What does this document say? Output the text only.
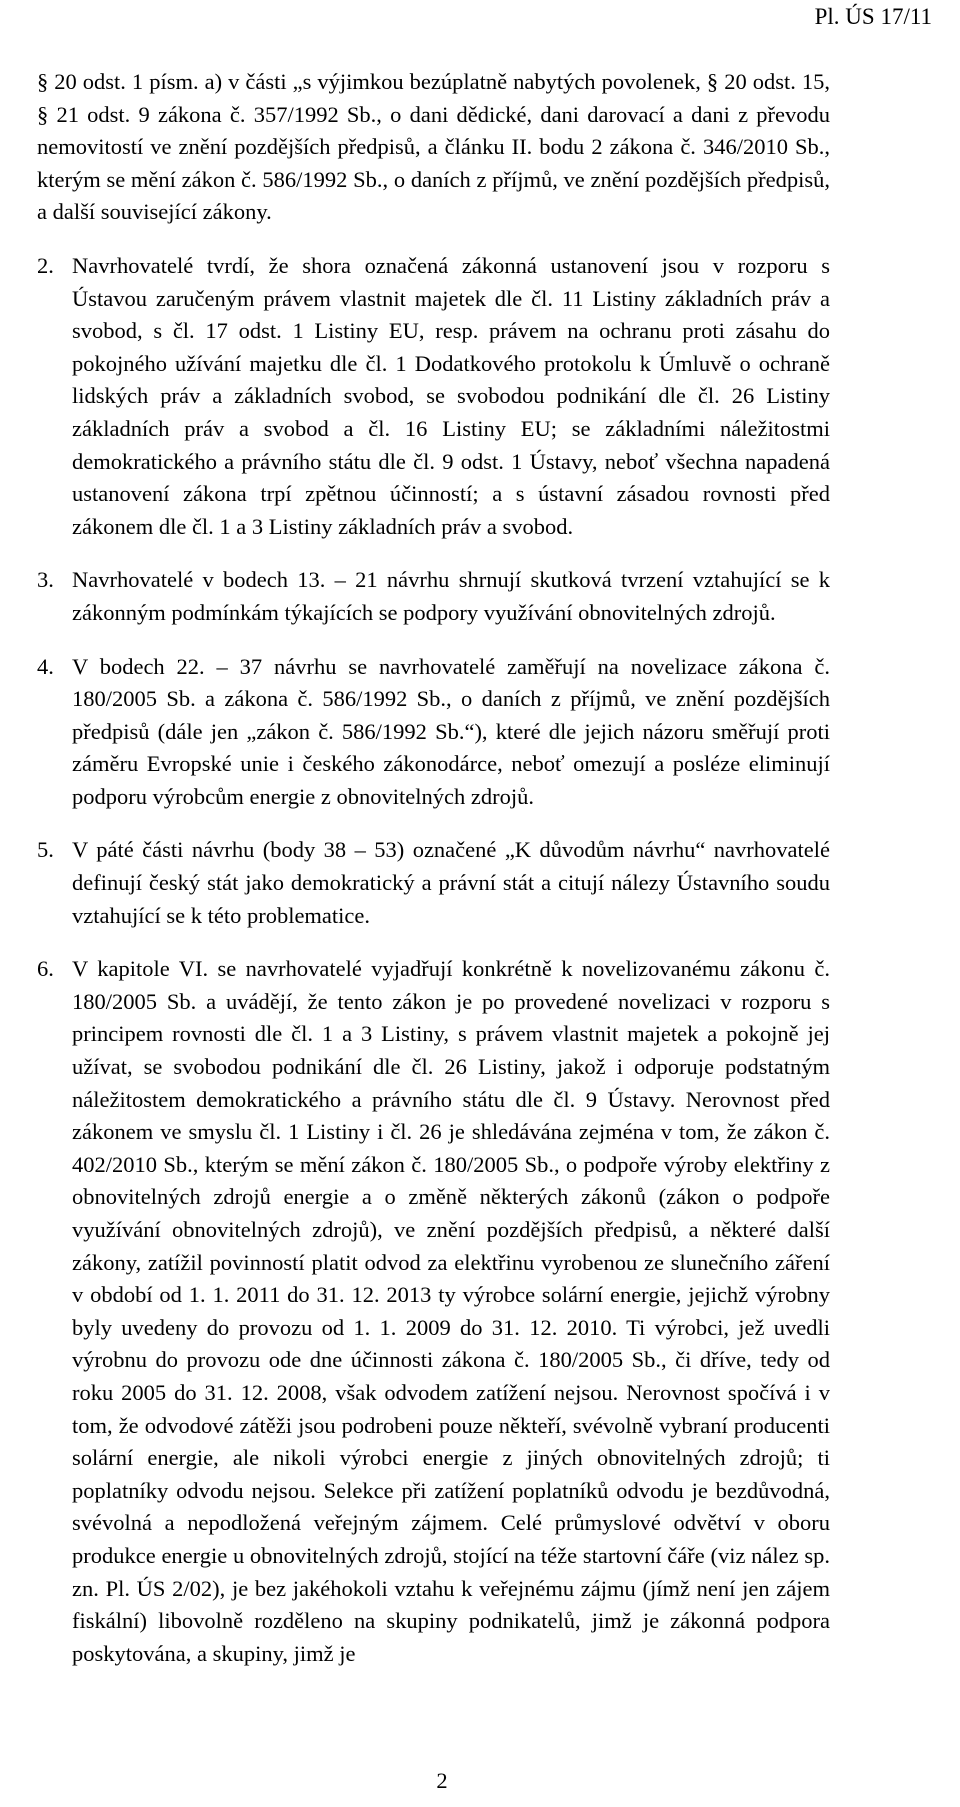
Pl. ÚS 17/11

§ 20 odst. 1 písm. a) v části „s výjimkou bezúplatně nabytých povolenek, § 20 odst. 15, § 21 odst. 9 zákona č. 357/1992 Sb., o dani dědické, dani darovací a dani z převodu nemovitostí ve znění pozdějších předpisů, a článku II. bodu 2 zákona č. 346/2010 Sb., kterým se mění zákon č. 586/1992 Sb., o daních z příjmů, ve znění pozdějších předpisů, a další související zákony.

2. Navrhovatelé tvrdí, že shora označená zákonná ustanovení jsou v rozporu s Ústavou zaručeným právem vlastnit majetek dle čl. 11 Listiny základních práv a svobod, s čl. 17 odst. 1 Listiny EU, resp. právem na ochranu proti zásahu do pokojného užívání majetku dle čl. 1 Dodatkového protokolu k Úmluvě o ochraně lidských práv a základních svobod, se svobodou podnikání dle čl. 26 Listiny základních práv a svobod a čl. 16 Listiny EU; se základními náležitostmi demokratického a právního státu dle čl. 9 odst. 1 Ústavy, neboť všechna napadená ustanovení zákona trpí zpětnou účinností; a s ústavní zásadou rovnosti před zákonem dle čl. 1 a 3 Listiny základních práv a svobod.
3. Navrhovatelé v bodech 13. – 21 návrhu shrnují skutková tvrzení vztahující se k zákonným podmínkám týkajících se podpory využívání obnovitelných zdrojů.
4. V bodech 22. – 37 návrhu se navrhovatelé zaměřují na novelizace zákona č. 180/2005 Sb. a zákona č. 586/1992 Sb., o daních z příjmů, ve znění pozdějších předpisů (dále jen „zákon č. 586/1992 Sb.“), které dle jejich názoru směřují proti záměru Evropské unie i českého zákonodárce, neboť omezují a posléze eliminují podporu výrobcům energie z obnovitelných zdrojů.
5. V páté části návrhu (body 38 – 53) označené „K důvodům návrhu“ navrhovatelé definují český stát jako demokratický a právní stát a citují nálezy Ústavního soudu vztahující se k této problematice.
6. V kapitole VI. se navrhovatelé vyjadřují konkrétně k novelizovanému zákonu č. 180/2005 Sb. a uvádějí, že tento zákon je po provedené novelizaci v rozporu s principem rovnosti dle čl. 1 a 3 Listiny, s právem vlastnit majetek a pokojně jej užívat, se svobodou podnikání dle čl. 26 Listiny, jakož i odporuje podstatným náležitostem demokratického a právního státu dle čl. 9 Ústavy. Nerovnost před zákonem ve smyslu čl. 1 Listiny i čl. 26 je shledávána zejména v tom, že zákon č. 402/2010 Sb., kterým se mění zákon č. 180/2005 Sb., o podpoře výroby elektřiny z obnovitelných zdrojů energie a o změně některých zákonů (zákon o podpoře využívání obnovitelných zdrojů), ve znění pozdějších předpisů, a některé další zákony, zatížil povinností platit odvod za elektřinu vyrobenou ze slunečního záření v období od 1. 1. 2011 do 31. 12. 2013 ty výrobce solární energie, jejichž výrobny byly uvedeny do provozu od 1. 1. 2009 do 31. 12. 2010. Ti výrobci, jež uvedli výrobnu do provozu ode dne účinnosti zákona č. 180/2005 Sb., či dříve, tedy od roku 2005 do 31. 12. 2008, však odvodem zatížení nejsou. Nerovnost spočívá i v tom, že odvodové zátěži jsou podrobeni pouze někteří, svévolně vybraní producenti solární energie, ale nikoli výrobci energie z jiných obnovitelných zdrojů; ti poplatníky odvodu nejsou. Selekce při zatížení poplatníků odvodu je bezdůvodná, svévolná a nepodložená veřejným zájmem. Celé průmyslové odvětví v oboru produkce energie u obnovitelných zdrojů, stojící na téže startovní čáře (viz nález sp. zn. Pl. ÚS 2/02), je bez jakéhokoli vztahu k veřejnému zájmu (jímž není jen zájem fiskální) libovolně rozděleno na skupiny podnikatelů, jimž je zákonná podpora poskytována, a skupiny, jimž je
2
